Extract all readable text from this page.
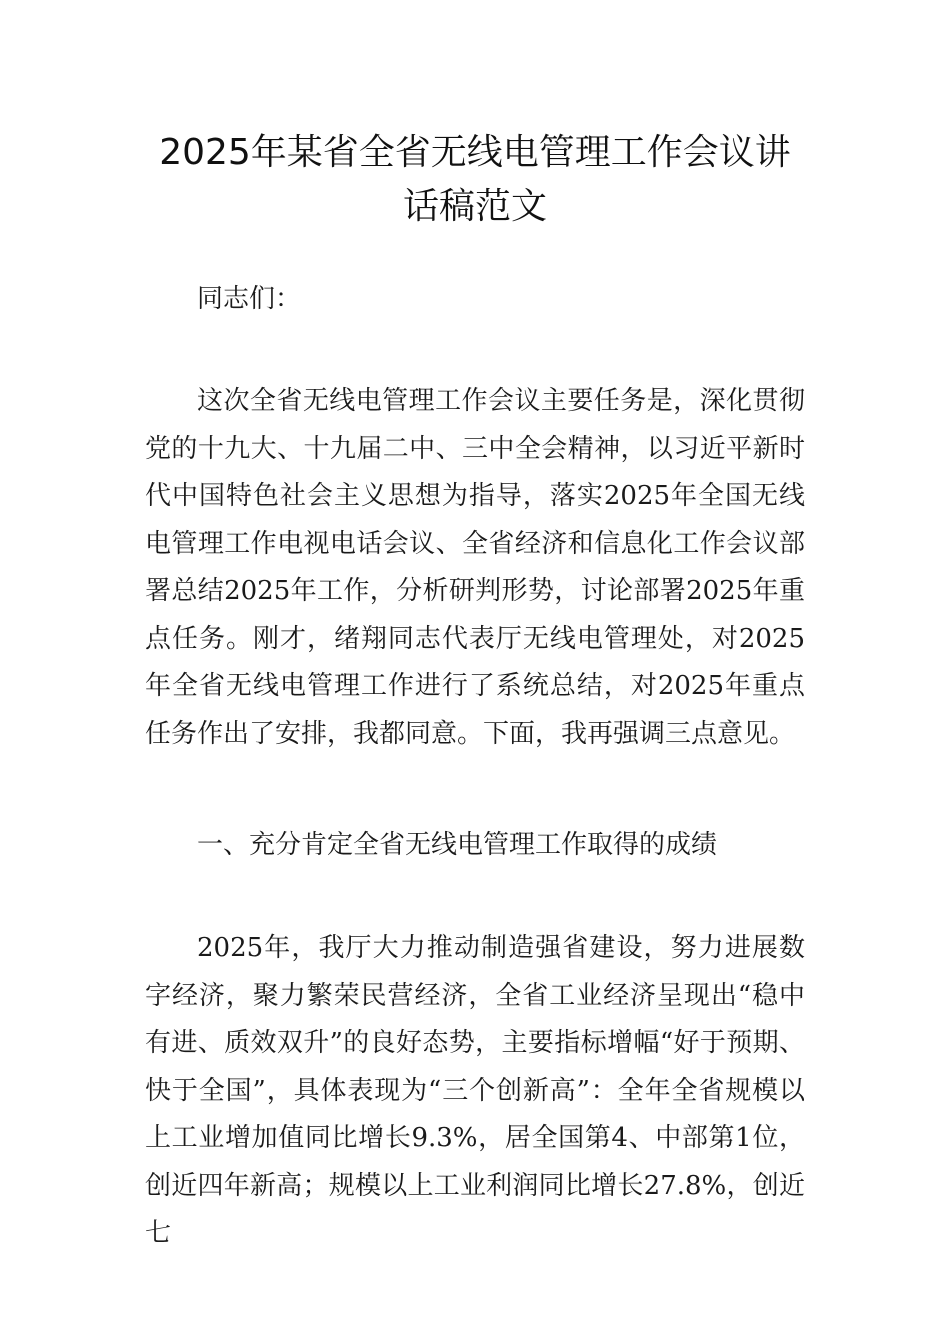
2025年某省全省无线电管理工作会议讲话稿范文

同志们：

这次全省无线电管理工作会议主要任务是，深化贯彻党的十九大、十九届二中、三中全会精神，以习近平新时代中国特色社会主义思想为指导，落实2025年全国无线电管理工作电视电话会议、全省经济和信息化工作会议部署总结2025年工作，分析研判形势，讨论部署2025年重点任务。刚才，绪翔同志代表厅无线电管理处，对2025年全省无线电管理工作进行了系统总结，对2025年重点任务作出了安排，我都同意。下面，我再强调三点意见。

一、充分肯定全省无线电管理工作取得的成绩

2025年，我厅大力推动制造强省建设，努力进展数字经济，聚力繁荣民营经济，全省工业经济呈现出“稳中有进、质效双升”的良好态势，主要指标增幅“好于预期、快于全国”，具体表现为“三个创新高”：全年全省规模以上工业增加值同比增长9.3%，居全国第4、中部第1位，创近四年新高；规模以上工业利润同比增长27.8%，创近七
